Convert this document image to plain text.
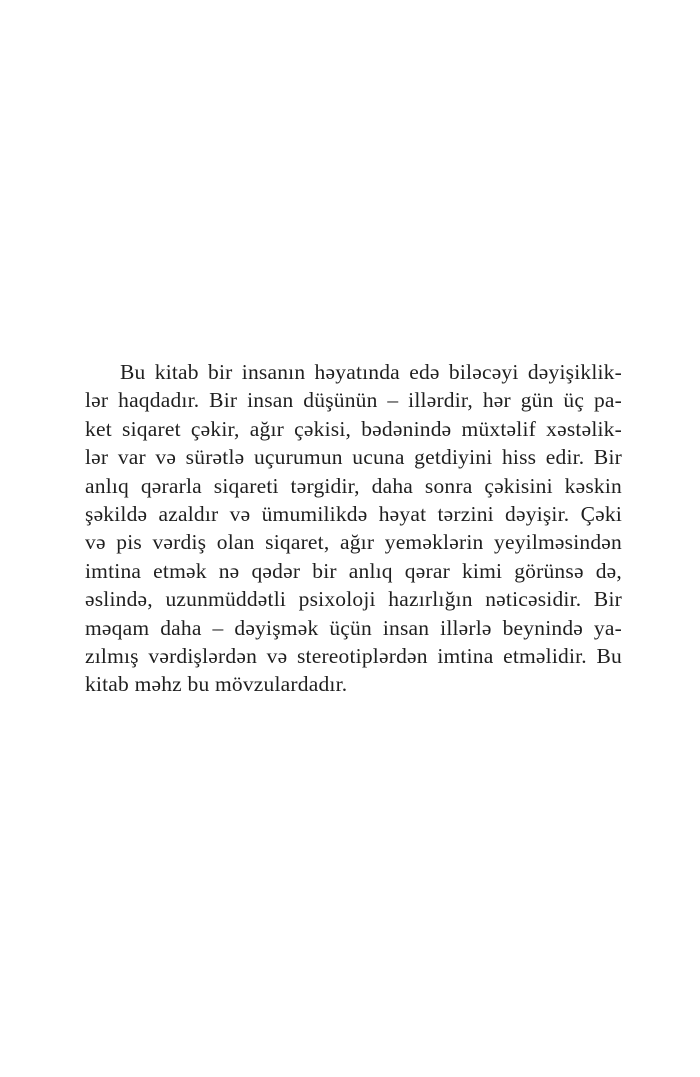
Bu kitab bir insanın həyatında edə biləcəyi dəyişiklik-
lər haqdadır. Bir insan düşünün – illərdir, hər gün üç pa-
ket siqaret çəkir, ağır çəkisi, bədənində müxtəlif xəstəlik-
lər var və sürətlə uçurumun ucuna getdiyini hiss edir. Bir
anlıq qərarla siqareti tərgidir, daha sonra çəkisini kəskin
şəkildə azaldır və ümumilikdə həyat tərzini dəyişir. Çəki
və pis vərdiş olan siqaret, ağır yeməklərin yeyilməsindən
imtina etmək nə qədər bir anlıq qərar kimi görünsə də,
əslində, uzunmüddətli psixoloji hazırlığın nəticəsidir. Bir
məqam daha – dəyişmək üçün insan illərlə beynində ya-
zılmış vərdişlərdən və stereotiplərdən imtina etməlidir. Bu
kitab məhz bu mövzulardadır.
